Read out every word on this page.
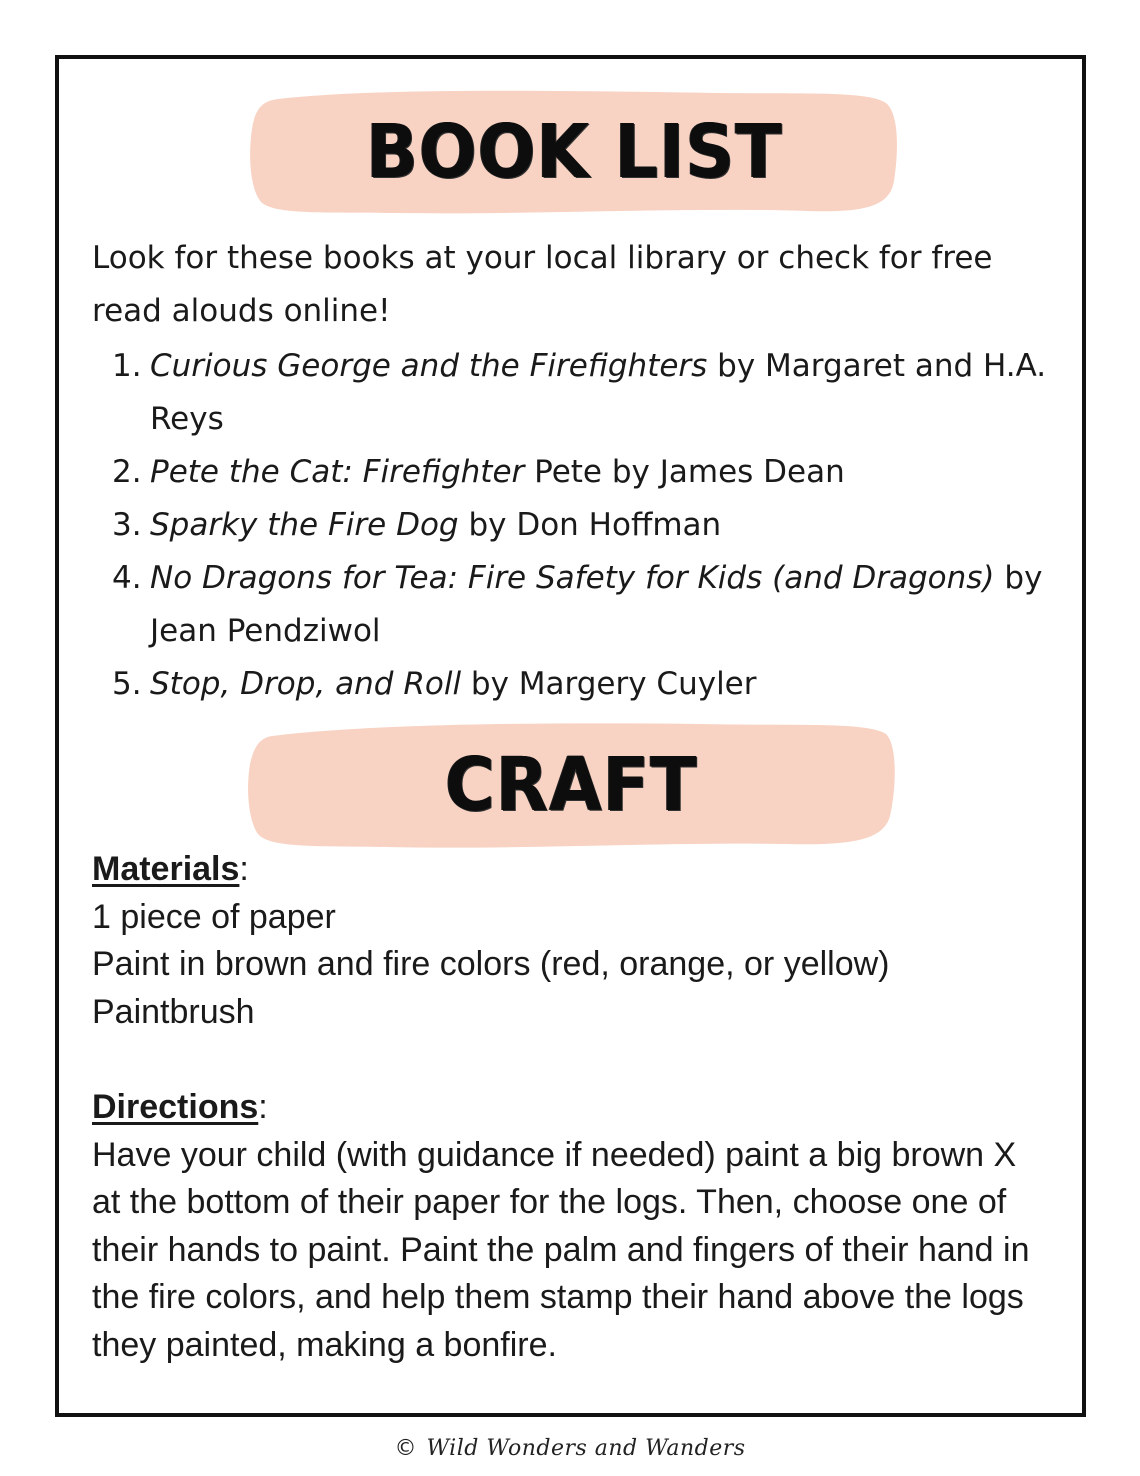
BOOK LIST

Look for these books at your local library or check for free read alouds online!

1. Curious George and the Firefighters by Margaret and H.A. Reys
2. Pete the Cat: Firefighter Pete by James Dean
3. Sparky the Fire Dog by Don Hoffman
4. No Dragons for Tea: Fire Safety for Kids (and Dragons) by Jean Pendziwol
5. Stop, Drop, and Roll by Margery Cuyler
CRAFT
Materials:
1 piece of paper
Paint in brown and fire colors (red, orange, or yellow)
Paintbrush
Directions:
Have your child (with guidance if needed) paint a big brown X at the bottom of their paper for the logs. Then, choose one of their hands to paint. Paint the palm and fingers of their hand in the fire colors, and help them stamp their hand above the logs they painted, making a bonfire.
© Wild Wonders and Wanders
